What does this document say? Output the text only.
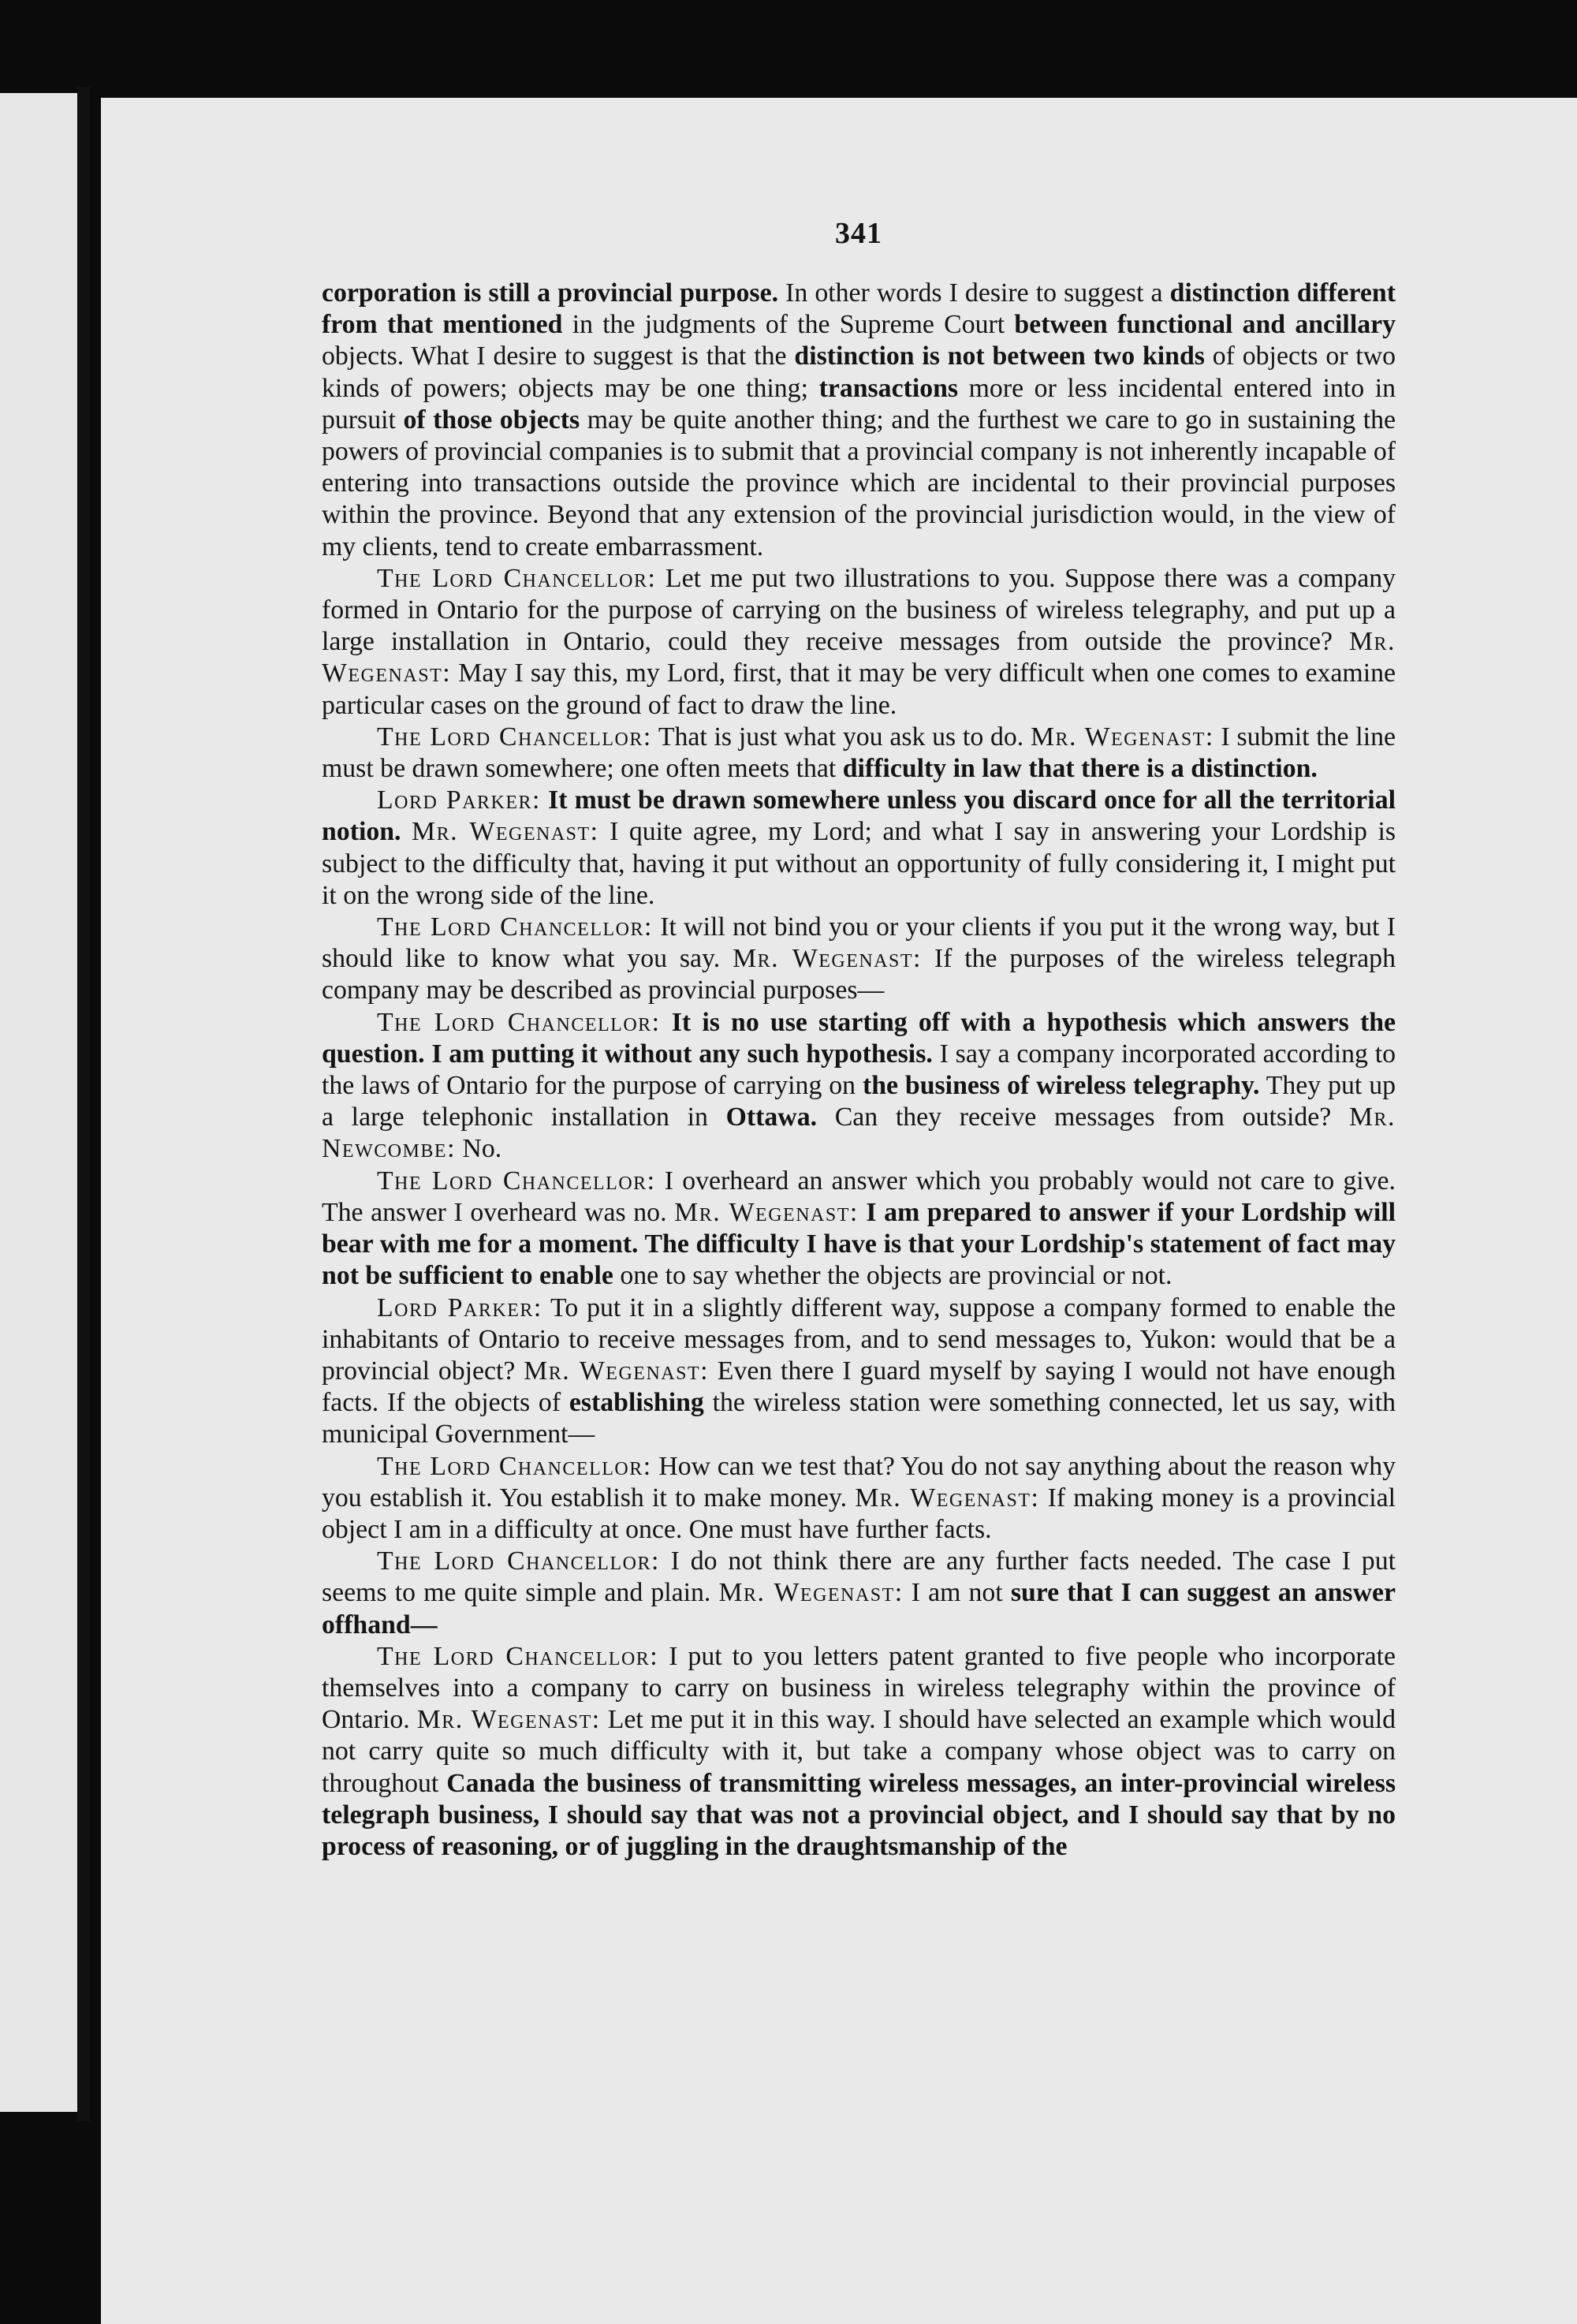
341

corporation is still a provincial purpose. In other words I desire to suggest a distinction different from that mentioned in the judgments of the Supreme Court between functional and ancillary objects. What I desire to suggest is that the distinction is not between two kinds of objects or two kinds of powers; objects may be one thing; transactions more or less incidental entered into in pursuit of those objects may be quite another thing; and the furthest we care to go in sustaining the powers of provincial companies is to submit that a provincial company is not inherently incapable of entering into transactions outside the province which are incidental to their provincial purposes within the province. Beyond that any extension of the provincial jurisdiction would, in the view of my clients, tend to create embarrassment.

The Lord Chancellor: Let me put two illustrations to you. Suppose there was a company formed in Ontario for the purpose of carrying on the business of wireless telegraphy, and put up a large installation in Ontario, could they receive messages from outside the province? Mr. Wegenast: May I say this, my Lord, first, that it may be very difficult when one comes to examine particular cases on the ground of fact to draw the line.

The Lord Chancellor: That is just what you ask us to do. Mr. Wegenast: I submit the line must be drawn somewhere; one often meets that difficulty in law that there is a distinction.

Lord Parker: It must be drawn somewhere unless you discard once for all the territorial notion. Mr. Wegenast: I quite agree, my Lord; and what I say in answering your Lordship is subject to the difficulty that, having it put without an opportunity of fully considering it, I might put it on the wrong side of the line.

The Lord Chancellor: It will not bind you or your clients if you put it the wrong way, but I should like to know what you say. Mr. Wegenast: If the purposes of the wireless telegraph company may be described as provincial purposes—

The Lord Chancellor: It is no use starting off with a hypothesis which answers the question. I am putting it without any such hypothesis. I say a company incorporated according to the laws of Ontario for the purpose of carrying on the business of wireless telegraphy. They put up a large telephonic installation in Ottawa. Can they receive messages from outside? Mr. Newcombe: No.

The Lord Chancellor: I overheard an answer which you probably would not care to give. The answer I overheard was no. Mr. Wegenast: I am prepared to answer if your Lordship will bear with me for a moment. The difficulty I have is that your Lordship's statement of fact may not be sufficient to enable one to say whether the objects are provincial or not.

Lord Parker: To put it in a slightly different way, suppose a company formed to enable the inhabitants of Ontario to receive messages from, and to send messages to, Yukon: would that be a provincial object? Mr. Wegenast: Even there I guard myself by saying I would not have enough facts. If the objects of establishing the wireless station were something connected, let us say, with municipal Government—

The Lord Chancellor: How can we test that? You do not say anything about the reason why you establish it. You establish it to make money. Mr. Wegenast: If making money is a provincial object I am in a difficulty at once. One must have further facts.

The Lord Chancellor: I do not think there are any further facts needed. The case I put seems to me quite simple and plain. Mr. Wegenast: I am not sure that I can suggest an answer offhand—

The Lord Chancellor: I put to you letters patent granted to five people who incorporate themselves into a company to carry on business in wireless telegraphy within the province of Ontario. Mr. Wegenast: Let me put it in this way. I should have selected an example which would not carry quite so much difficulty with it, but take a company whose object was to carry on throughout Canada the business of transmitting wireless messages, an inter-provincial wireless telegraph business, I should say that was not a provincial object, and I should say that by no process of reasoning, or of juggling in the draughtsmanship of the
